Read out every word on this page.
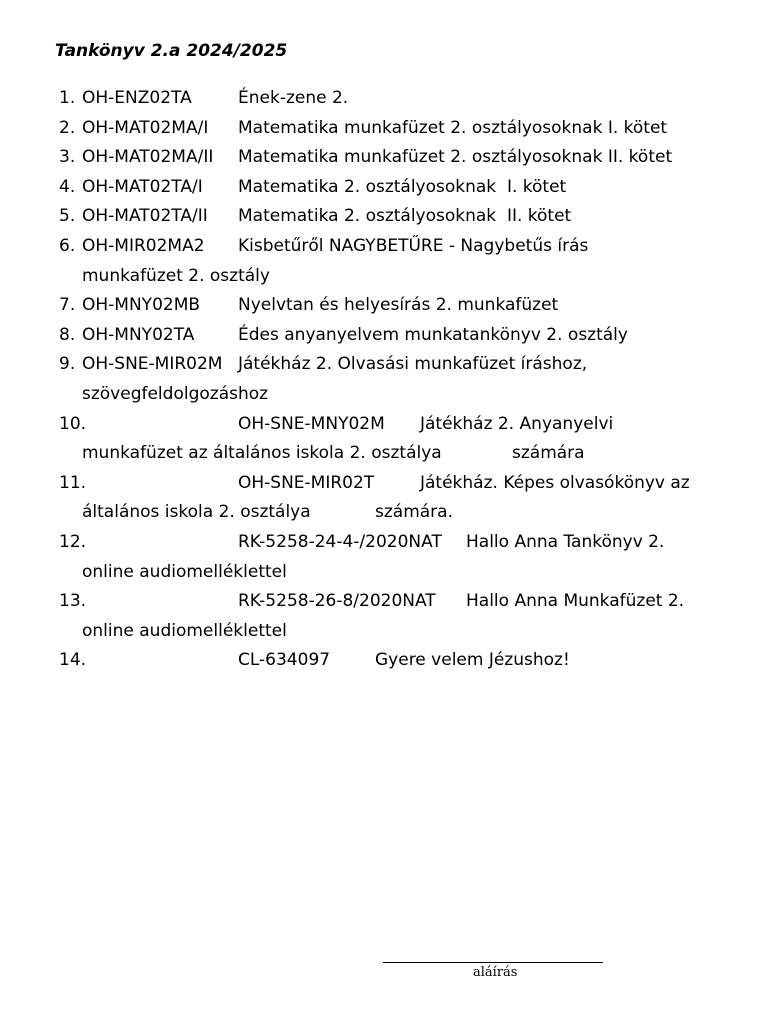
Tankönyv 2.a 2024/2025
1. OH-ENZ02TA	Ének-zene 2.
2. OH-MAT02MA/I Matematika munkafüzet 2. osztályosoknak I. kötet
3. OH-MAT02MA/II Matematika munkafüzet 2. osztályosoknak II. kötet
4. OH-MAT02TA/I Matematika 2. osztályosoknak  I. kötet
5. OH-MAT02TA/II Matematika 2. osztályosoknak  II. kötet
6. OH-MIR02MA2 Kisbetűről NAGYBETŰRE - Nagybetűs írás
munkafüzet 2. osztály
7. OH-MNY02MB Nyelvtan és helyesírás 2. munkafüzet
8. OH-MNY02TA	Édes anyanyelvem munkatankönyv 2. osztály
9. OH-SNE-MIR02M Játékház 2. Olvasási munkafüzet íráshoz,
szövegfeldolgozáshoz
10.	OH-SNE-MNY02M Játékház 2. Anyanyelvi
munkafüzet az általános iskola 2. osztálya	számára
11.	OH-SNE-MIR02T	Játékház. Képes olvasókönyv az
általános iskola 2. osztálya	számára.
12.	RK-5258-24-4-/2020NAT Hallo Anna Tankönyv 2.
online audiomelléklettel
13.	RK-5258-26-8/2020NAT Hallo Anna Munkafüzet 2.
online audiomelléklettel
14.	CL-634097	Gyere velem Jézushoz!
aláírás
